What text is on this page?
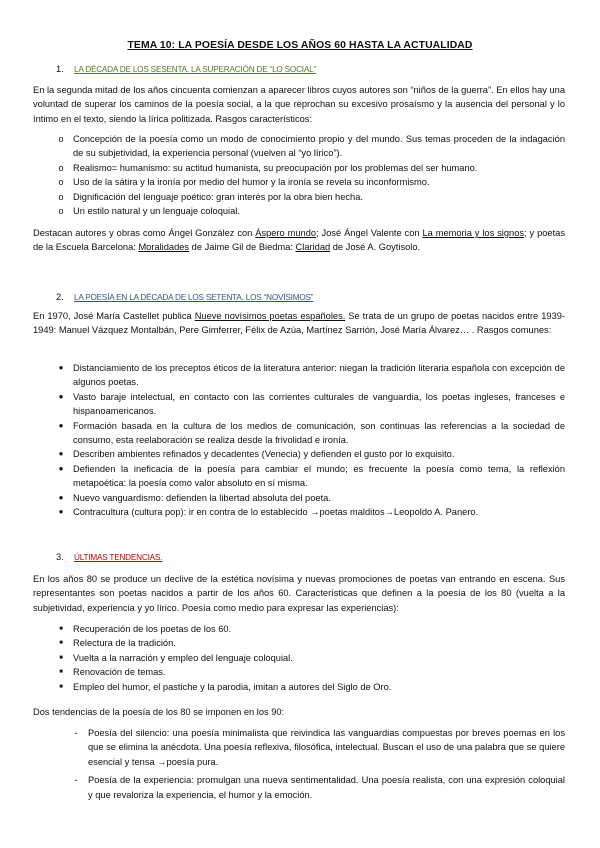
TEMA 10: LA POESÍA DESDE LOS AÑOS 60 HASTA LA ACTUALIDAD
1. LA DÉCADA DE LOS SESENTA. LA SUPERACIÓN DE “LO SOCIAL”

En la segunda mitad de los años cincuenta comienzan a aparecer libros cuyos autores son “niños de la guerra”. En ellos hay una voluntad de superar los caminos de la poesía social, a la que reprochan su excesivo prosaísmo y la ausencia del personal y lo íntimo en el texto, siendo la lírica politizada. Rasgos característicos:

o Concepción de la poesía como un modo de conocimiento propio y del mundo. Sus temas proceden de la indagación de su subjetividad, la experiencia personal (vuelven al “yo lírico”).
o Realismo= humanismo: su actitud humanista, su preocupación por los problemas del ser humano.
o Uso de la sátira y la ironía por medio del humor y la ironía se revela su inconformismo.
o Dignificación del lenguaje poético: gran interés por la obra bien hecha.
o Un estilo natural y un lenguaje coloquial.

Destacan autores y obras como Ángel González con Áspero mundo; José Ángel Valente con La memoria y los signos; y poetas de la Escuela Barcelona: Moralidades de Jaime Gil de Biedma: Claridad de José A. Goytisolo.

2. LA POESÍA EN LA DÉCADA DE LOS SETENTA. LOS “NOVÍSIMOS”

En 1970, José María Castellet publica Nueve novísimos poetas españoles. Se trata de un grupo de poetas nacidos entre 1939-1949: Manuel Vázquez Montalbán, Pere Gimferrer, Félix de Azúa, Martínez Sarrión, José María Álvarez… . Rasgos comunes:

● Distanciamiento de los preceptos éticos de la literatura anterior: niegan la tradición literaria española con excepción de algunos poetas.
● Vasto baraje intelectual, en contacto con las corrientes culturales de vanguardia, los poetas ingleses, franceses e hispanoamericanos.
● Formación basada en la cultura de los medios de comunicación, son continuas las referencias a la sociedad de consumo, esta reelaboración se realiza desde la frivolidad e ironía.
● Describen ambientes refinados y decadentes (Venecia) y defienden el gusto por lo exquisito.
● Defienden la ineficacia de la poesía para cambiar el mundo; es frecuente la poesía como tema, la reflexión metapoética: la poesía como valor absoluto en sí misma.
● Nuevo vanguardismo: defienden la libertad absoluta del poeta.
● Contracultura (cultura pop): ir en contra de lo establecido →poetas malditos→Leopoldo A. Panero.
3. ÚLTIMAS TENDENCIAS.

En los años 80 se produce un declive de la estética novísima y nuevas promociones de poetas van entrando en escena. Sus representantes son poetas nacidos a partir de los años 60. Características que definen a la poesía de los 80 (vuelta a la subjetividad, experiencia y yo lírico. Poesía como medio para expresar las experiencias):

■	Recuperación de los poetas de los 60.
■	Relectura de la tradición.
■	Vuelta a la narración y empleo del lenguaje coloquial.
■	Renovación de temas.
■	Empleo del humor, el pastiche y la parodia, imitan a autores del Siglo de Oro.

Dos tendencias de la poesía de los 80 se imponen en los 90:

- Poesía del silencio: una poesía minimalista que reivindica las vanguardias compuestas por breves poemas en los que se elimina la anécdota. Una poesía reflexiva, filosófica, intelectual. Buscan el uso de una palabra que se quiere esencial y tensa →poesía pura.
- Poesía de la experiencia: promulgan una nueva sentimentalidad. Una poesía realista, con una expresión coloquial y que revaloriza la experiencia, el humor y la emoción.
